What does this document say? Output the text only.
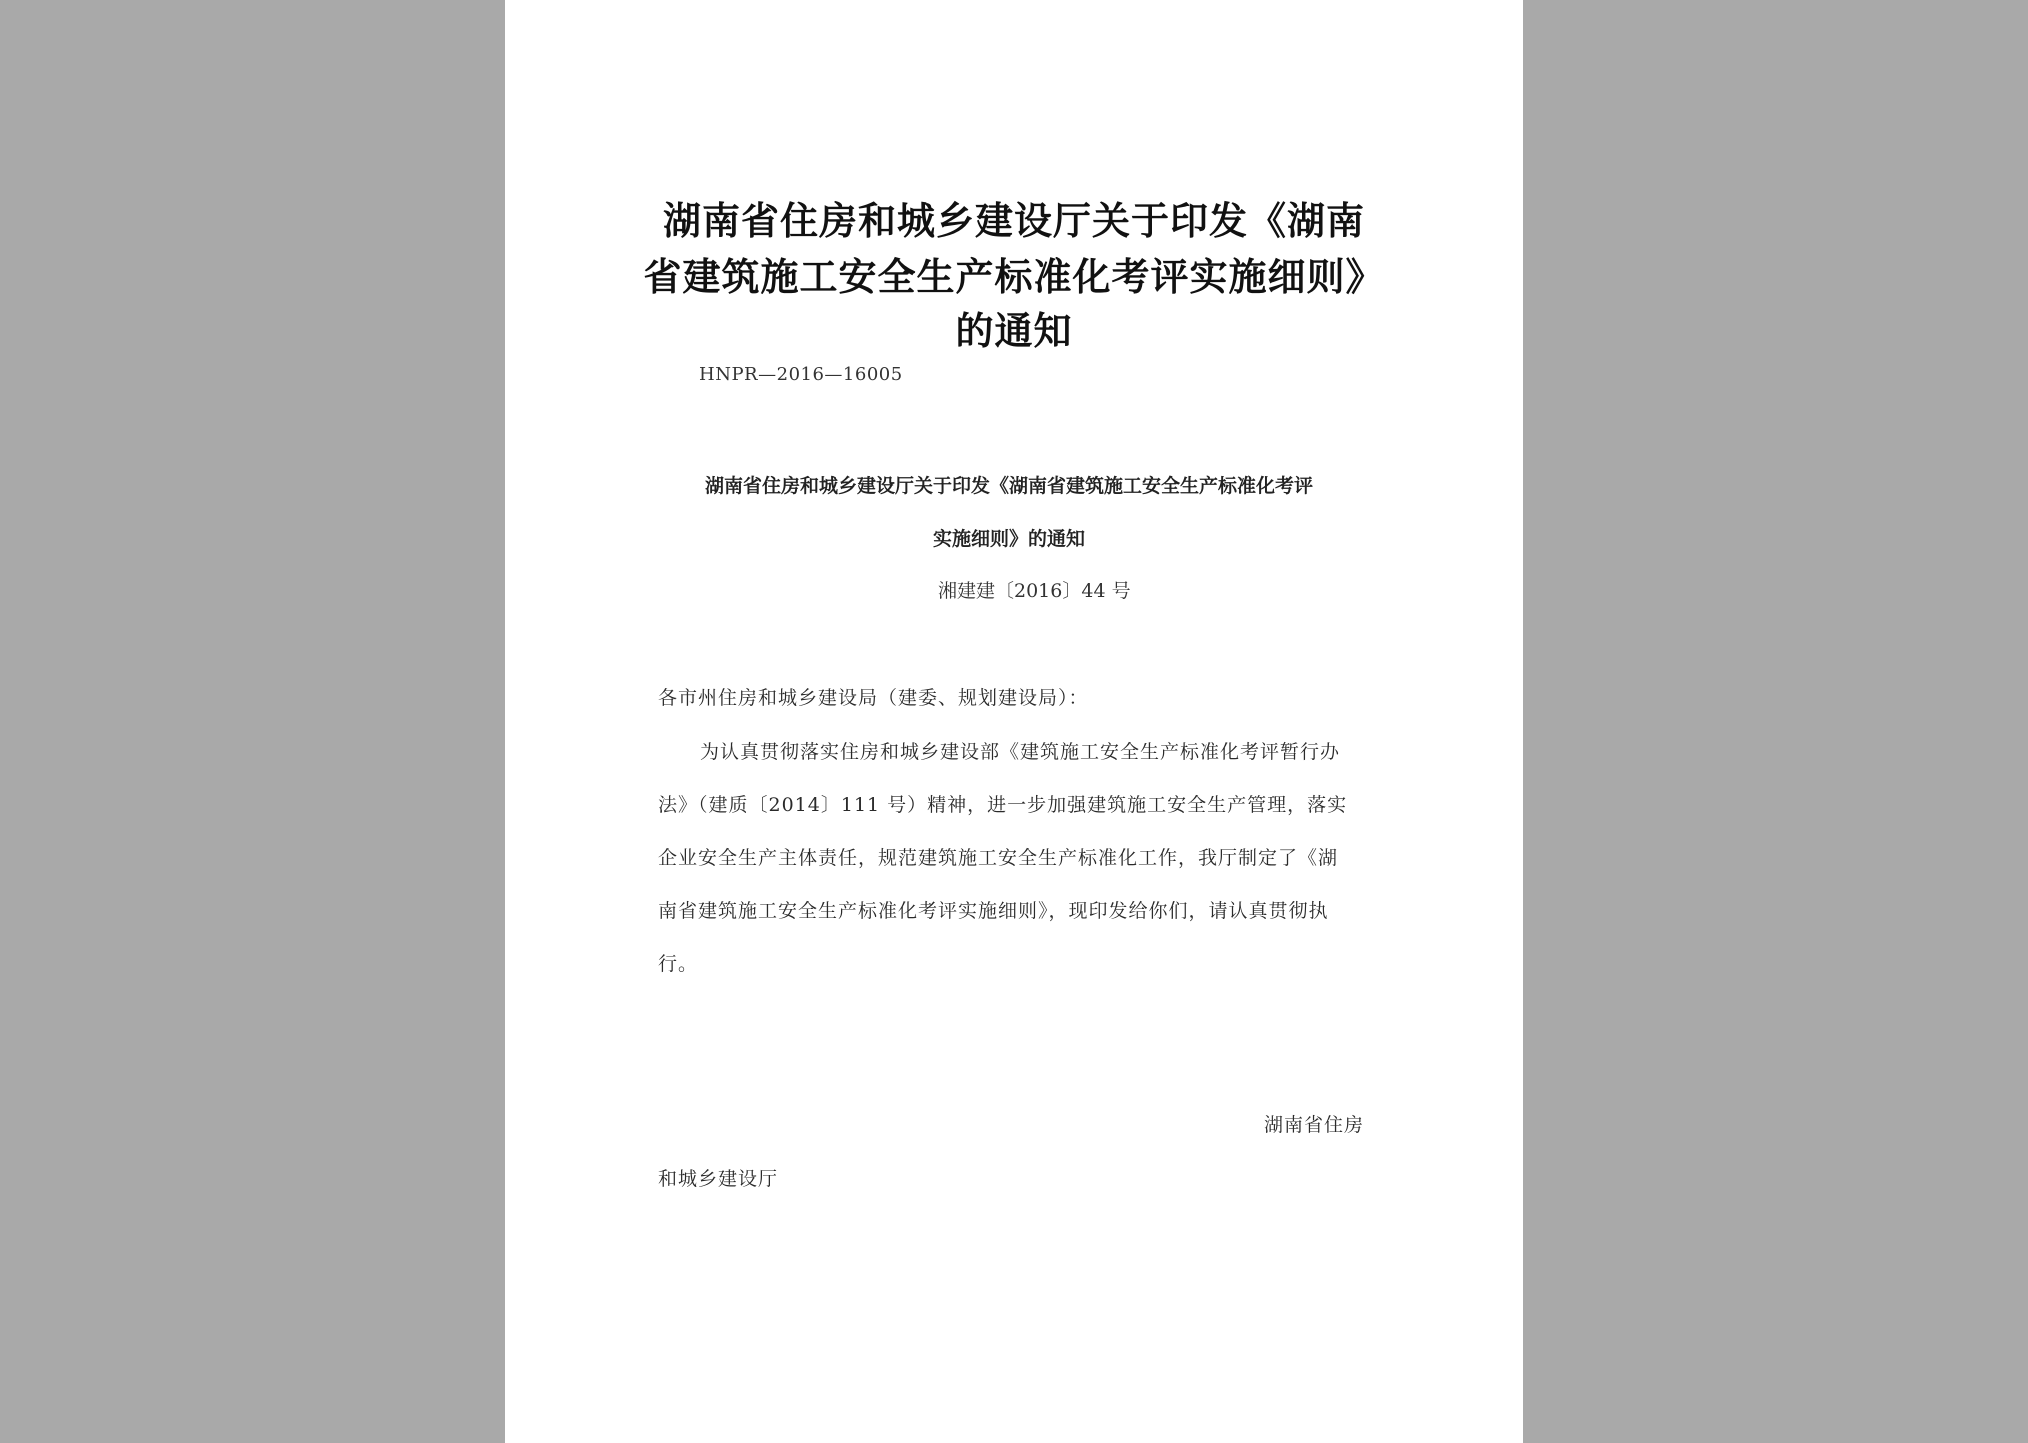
湖南省住房和城乡建设厅关于印发《湖南
省建筑施工安全生产标准化考评实施细则》
的通知
HNPR—2016—16005
湖南省住房和城乡建设厅关于印发《湖南省建筑施工安全生产标准化考评
实施细则》的通知
湘建建〔2016〕44 号
各市州住房和城乡建设局（建委、规划建设局）：
为认真贯彻落实住房和城乡建设部《建筑施工安全生产标准化考评暂行办
法》（建质〔2014〕111 号）精神，进一步加强建筑施工安全生产管理，落实
企业安全生产主体责任，规范建筑施工安全生产标准化工作，我厅制定了《湖
南省建筑施工安全生产标准化考评实施细则》，现印发给你们，请认真贯彻执
行。
湖南省住房
和城乡建设厅
